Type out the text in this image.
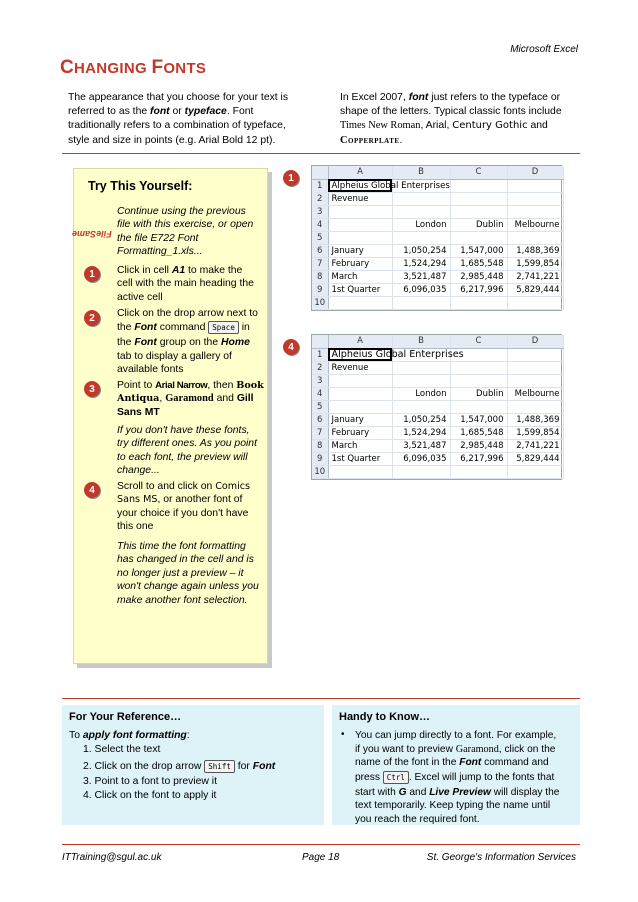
Microsoft Excel
CHANGING FONTS
The appearance that you choose for your text is
referred to as the font or typeface. Font
traditionally refers to a combination of typeface,
style and size in points (e.g. Arial Bold 12 pt).
In Excel 2007, font just refers to the typeface or
shape of the letters. Typical classic fonts include
Times New Roman, Arial, Century Gothic and
Copperplate.
Try This Yourself:
Same File
Continue using the previous
file with this exercise, or open
the file E722 Font
Formatting_1.xls...
1	Click in cell A1 to make the
cell with the main heading the
active cell
2	Click on the drop arrow next to
the Font command Space in
the Font group on the Home
tab to display a gallery of
available fonts
3	Point to Arial Narrow, then Book
Antiqua, Garamond and Gill
Sans MT
If you don't have these fonts,
try different ones. As you point
to each font, the preview will
change...
4	Scroll to and click on Comics
Sans MS, or another font of
your choice if you don't have
this one
This time the font formatting
has changed in the cell and is
no longer just a preview – it
won't change again unless you
make another font selection.
1
4
	A	B	C	D
1	Alpheius Global Enterprises			
2	Revenue			
3				
4		London	Dublin	Melbourne
5				
6	January	1,050,254	1,547,000	1,488,369
7	February	1,524,294	1,685,548	1,599,854
8	March	3,521,487	2,985,448	2,741,221
9	1st Quarter	6,096,035	6,217,996	5,829,444
10				
	A	B	C	D
1	Alpheius Global Enterprises			
2	Revenue			
3				
4		London	Dublin	Melbourne
5				
6	January	1,050,254	1,547,000	1,488,369
7	February	1,524,294	1,685,548	1,599,854
8	March	3,521,487	2,985,448	2,741,221
9	1st Quarter	6,096,035	6,217,996	5,829,444
10				
For Your Reference…
To apply font formatting:
1. Select the text
2. Click on the drop arrow Shift for Font
3. Point to a font to preview it
4. Click on the font to apply it
Handy to Know…
• You can jump directly to a font. For example,
if you want to preview Garamond, click on the
name of the font in the Font command and
press Ctrl . Excel will jump to the fonts that
start with G and Live Preview will display the
text temporarily. Keep typing the name until
you reach the required font.
ITTraining@sgul.ac.uk	Page 18	St. George's Information Services
